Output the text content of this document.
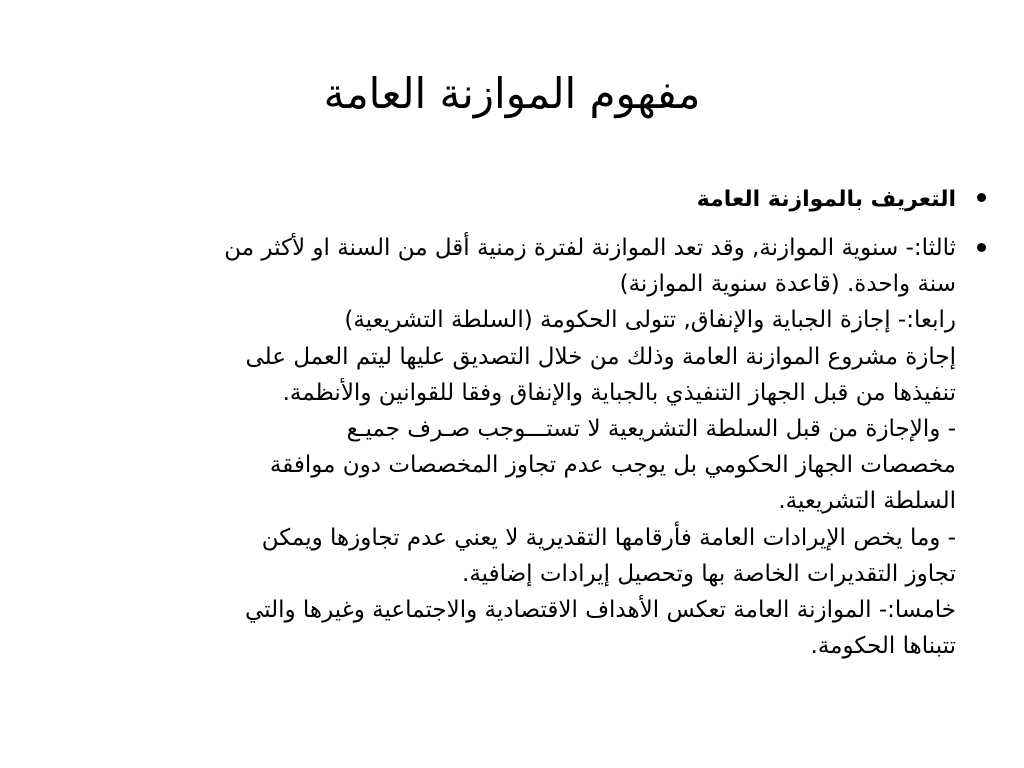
مفهوم الموازنة العامة
التعريف بالموازنة العامة
ثالثا:- سنوية الموازنة, وقد تعد الموازنة لفترة زمنية أقل من السنة او لأكثر من
سنة واحدة. (قاعدة سنوية الموازنة)
رابعا:- إجازة الجباية والإنفاق, تتولى الحكومة (السلطة التشريعية)
إجازة مشروع الموازنة العامة وذلك من خلال التصديق عليها ليتم العمل على
تنفيذها من قبل الجهاز التنفيذي بالجباية والإنفاق وفقا للقوانين والأنظمة.
- والإجازة من قبل السلطة التشريعية لا تستـــوجب صـرف جميـع
مخصصات الجهاز الحكومي بل يوجب عدم تجاوز المخصصات دون موافقة
السلطة التشريعية.
- وما يخص الإيرادات العامة فأرقامها التقديرية لا يعني عدم تجاوزها ويمكن
تجاوز التقديرات الخاصة بها وتحصيل إيرادات إضافية.
خامسا:- الموازنة العامة تعكس الأهداف الاقتصادية والاجتماعية وغيرها والتي
تتبناها الحكومة.
